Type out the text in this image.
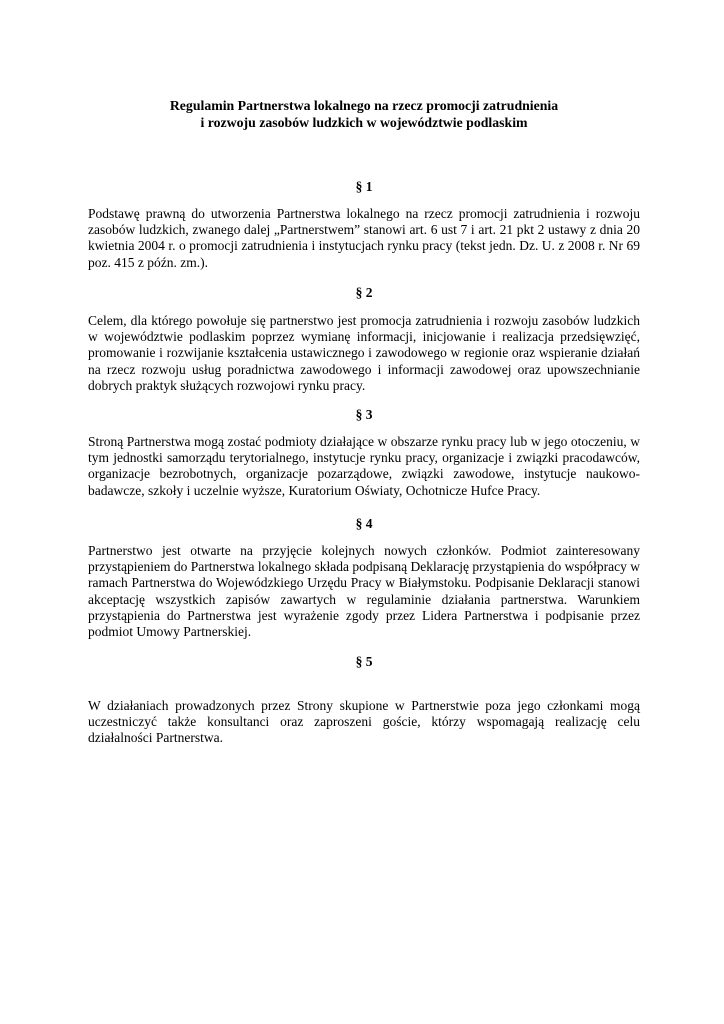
Regulamin Partnerstwa lokalnego na rzecz promocji zatrudnienia
i rozwoju zasobów ludzkich w województwie podlaskim
§ 1

Podstawę prawną do utworzenia Partnerstwa lokalnego na rzecz promocji zatrudnienia i rozwoju zasobów ludzkich, zwanego dalej „Partnerstwem” stanowi art. 6 ust 7 i art. 21 pkt 2 ustawy z dnia 20 kwietnia 2004 r. o promocji zatrudnienia i instytucjach rynku pracy (tekst jedn. Dz. U. z 2008 r. Nr 69 poz. 415 z późn. zm.).

§ 2

Celem, dla którego powołuje się partnerstwo jest promocja zatrudnienia i rozwoju zasobów ludzkich w województwie podlaskim poprzez wymianę informacji, inicjowanie i realizacja przedsięwzięć, promowanie i rozwijanie kształcenia ustawicznego i zawodowego w regionie oraz wspieranie działań na rzecz rozwoju usług poradnictwa zawodowego i informacji zawodowej oraz upowszechnianie dobrych praktyk służących rozwojowi rynku pracy.

§ 3

Stroną Partnerstwa mogą zostać podmioty działające w obszarze rynku pracy lub w jego otoczeniu, w tym jednostki samorządu terytorialnego, instytucje rynku pracy, organizacje i związki pracodawców, organizacje bezrobotnych, organizacje pozarządowe, związki zawodowe, instytucje naukowo-badawcze, szkoły i uczelnie wyższe, Kuratorium Oświaty, Ochotnicze Hufce Pracy.

§ 4

Partnerstwo jest otwarte na przyjęcie kolejnych nowych członków. Podmiot zainteresowany przystąpieniem do Partnerstwa lokalnego składa podpisaną Deklarację przystąpienia do współpracy w ramach Partnerstwa do Wojewódzkiego Urzędu Pracy w Białymstoku. Podpisanie Deklaracji stanowi akceptację wszystkich zapisów zawartych w regulaminie działania partnerstwa. Warunkiem przystąpienia do Partnerstwa jest wyrażenie zgody przez Lidera Partnerstwa i podpisanie przez podmiot Umowy Partnerskiej.

§ 5

W działaniach prowadzonych przez Strony skupione w Partnerstwie poza jego członkami mogą uczestniczyć także konsultanci oraz zaproszeni goście, którzy wspomagają realizację celu działalności Partnerstwa.
